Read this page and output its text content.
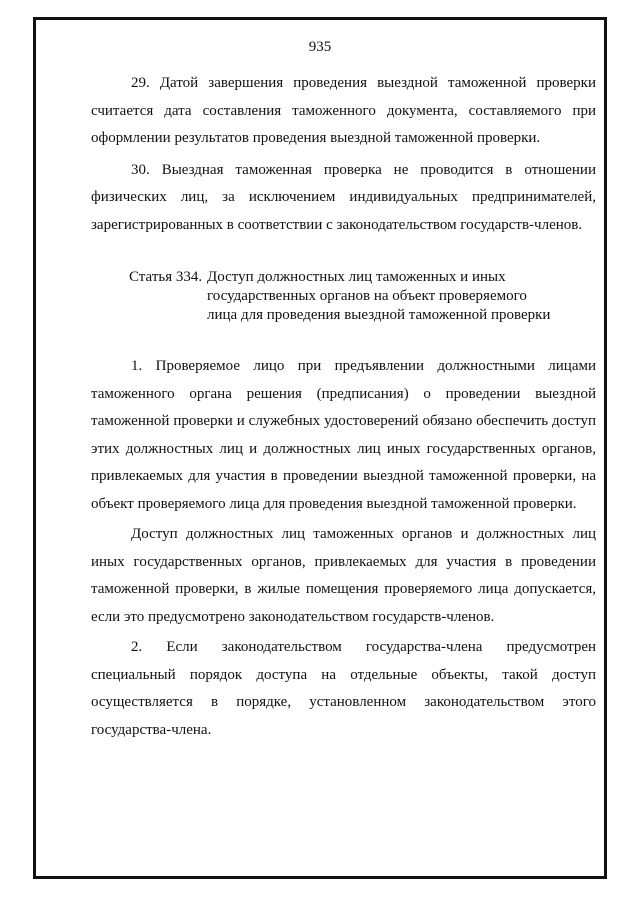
935

29. Датой завершения проведения выездной таможенной проверки считается дата составления таможенного документа, составляемого при оформлении результатов проведения выездной таможенной проверки.

30. Выездная таможенная проверка не проводится в отношении физических лиц, за исключением индивидуальных предпринимателей, зарегистрированных в соответствии с законодательством государств-членов.

Статья 334. Доступ должностных лиц таможенных и иных
государственных органов на объект проверяемого
лица для проведения выездной таможенной проверки

1. Проверяемое лицо при предъявлении должностными лицами таможенного органа решения (предписания) о проведении выездной таможенной проверки и служебных удостоверений обязано обеспечить доступ этих должностных лиц и должностных лиц иных государственных органов, привлекаемых для участия в проведении выездной таможенной проверки, на объект проверяемого лица для проведения выездной таможенной проверки.

Доступ должностных лиц таможенных органов и должностных лиц иных государственных органов, привлекаемых для участия в проведении таможенной проверки, в жилые помещения проверяемого лица допускается, если это предусмотрено законодательством государств-членов.

2. Если законодательством государства-члена предусмотрен специальный порядок доступа на отдельные объекты, такой доступ осуществляется в порядке, установленном законодательством этого государства-члена.
